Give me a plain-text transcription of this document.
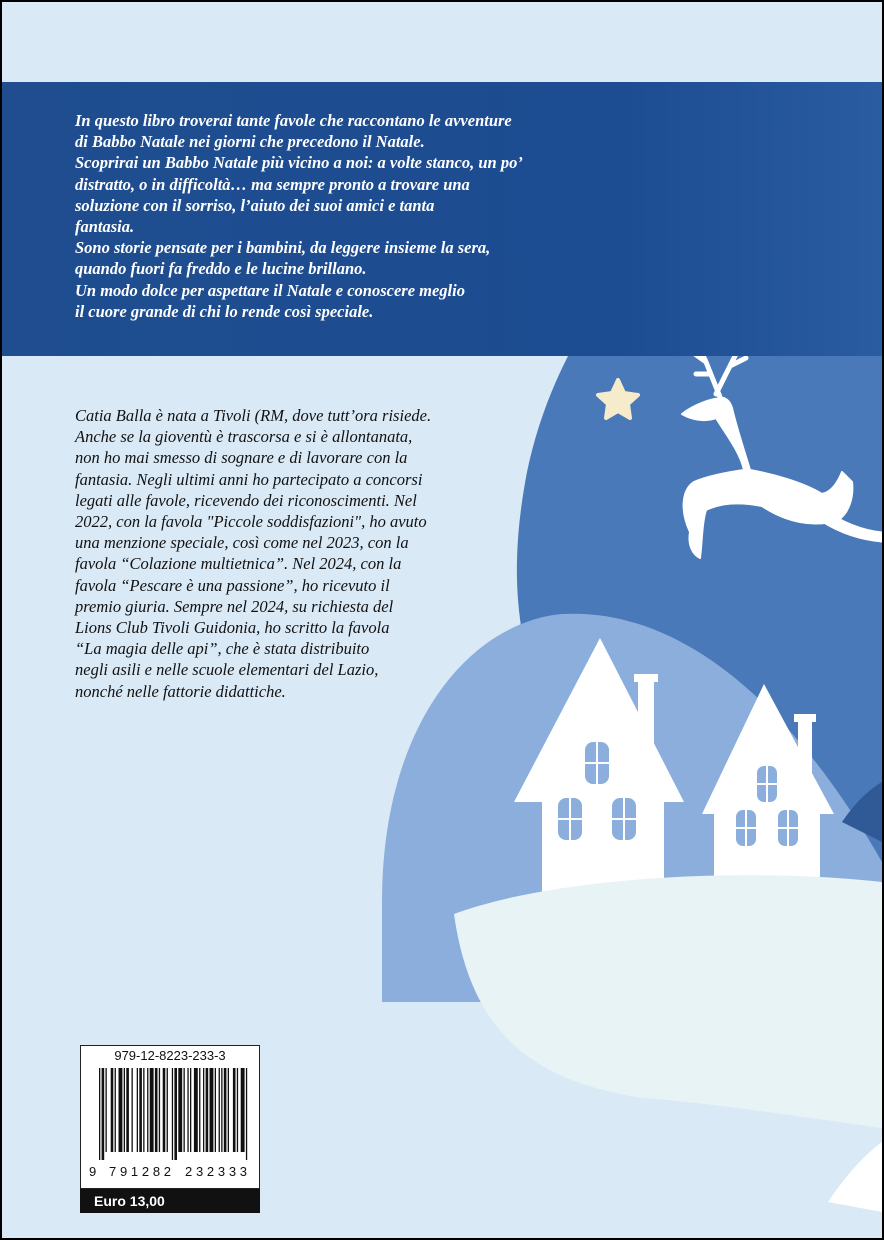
In questo libro troverai tante favole che raccontano le avventure

di Babbo Natale nei giorni che precedono il Natale.

Scoprirai un Babbo Natale più vicino a noi: a volte stanco, un po’

distratto, o in difficoltà… ma sempre pronto a trovare una

soluzione con il sorriso, l’aiuto dei suoi amici e tanta

fantasia.

Sono storie pensate per i bambini, da leggere insieme la sera,

quando fuori fa freddo e le lucine brillano.

Un modo dolce per aspettare il Natale e conoscere meglio

il cuore grande di chi lo rende così speciale.

Catia Balla è nata a Tivoli (RM, dove tutt’ora risiede.
Anche se la gioventù è trascorsa e si è allontanata,
non ho mai smesso di sognare e di lavorare con la
fantasia. Negli ultimi anni ho partecipato a concorsi
legati alle favole, ricevendo dei riconoscimenti. Nel
2022, con la favola "Piccole soddisfazioni", ho avuto
una menzione speciale, così come nel 2023, con la
favola “Colazione multietnica”. Nel 2024, con la
favola “Pescare è una passione”, ho ricevuto il
premio giuria. Sempre nel 2024, su richiesta del
Lions Club Tivoli Guidonia, ho scritto la favola
“La magia delle api”, che è stata distribuito
negli asili e nelle scuole elementari del Lazio,
nonché nelle fattorie didattiche.
979-12-8223-233-3
9 791282 232333
Euro 13,00
